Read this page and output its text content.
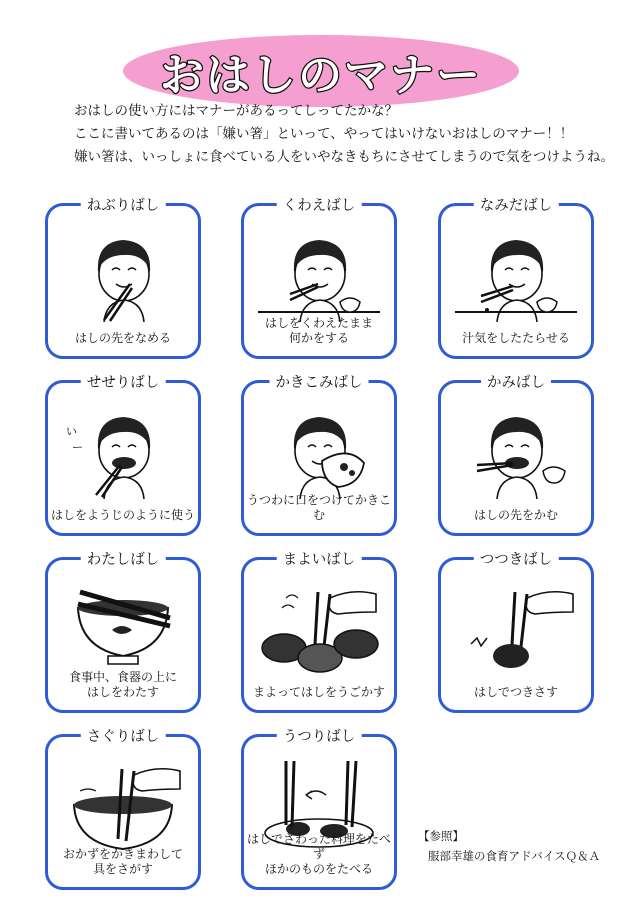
おはしのマナー

おはしの使い方にはマナーがあるってしってたかな？

ここに書いてあるのは「嫌い箸」といって、やってはいけないおはしのマナー！！

嫌い箸は、いっしょに食べている人をいやなきもちにさせてしまうので気をつけようね。

ねぶりばし
はしの先をなめる
くわえばし
はしをくわえたまま
何かをする
なみだばし
汁気をしたたらせる
せせりばし
い
ー
はしをようじのように使う
かきこみばし
うつわに口をつけてかきこむ
かみばし
はしの先をかむ
わたしばし
食事中、食器の上に
はしをわたす
まよいばし
まよってはしをうごかす
つつきばし
はしでつきさす
さぐりばし
おかずをかきまわして
具をさがす
うつりばし
はしでさわった料理をたべず
ほかのものをたべる
【参照】
服部幸雄の食育アドバイスＱ＆Ａ
